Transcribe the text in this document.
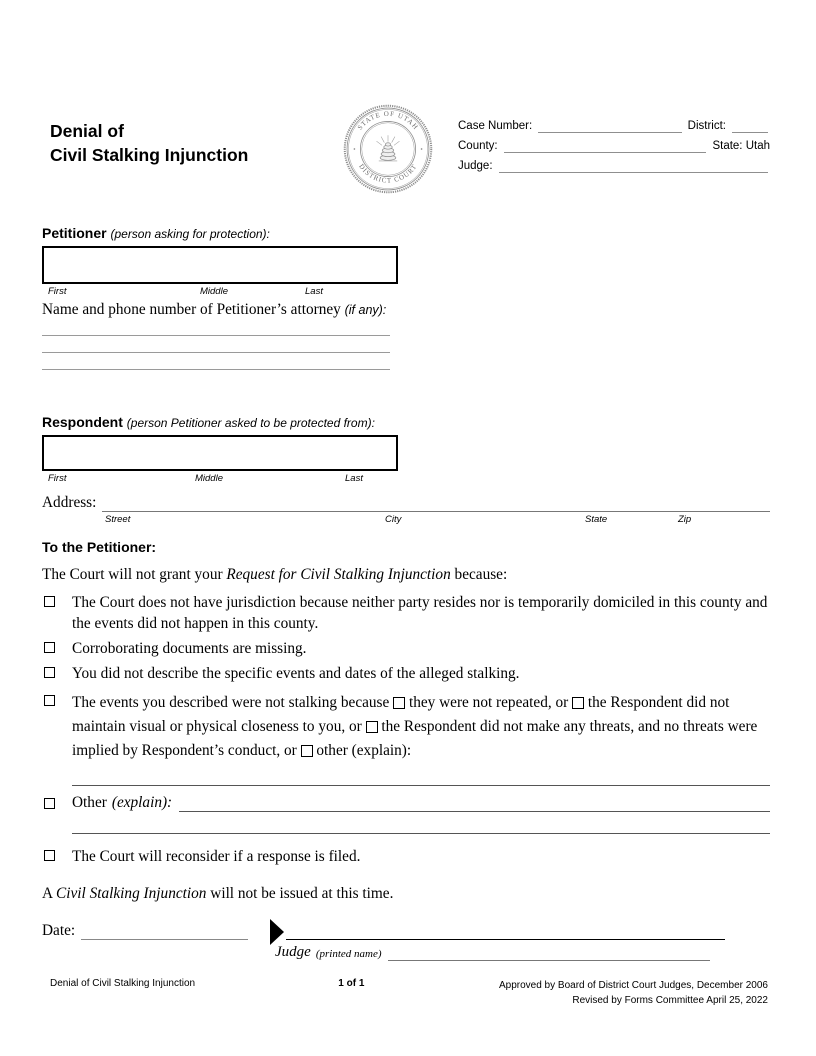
Denial of
Civil Stalking Injunction
STATE OF UTAH
DISTRICT COURT
Case Number:	District:
County:	State: Utah
Judge:
Petitioner (person asking for protection):
First	Middle	Last

Name and phone number of Petitioner’s attorney (if any):

Respondent (person Petitioner asked to be protected from):
First	Middle	Last
Address:
Street	City	State	Zip
To the Petitioner:

The Court will not grant your Request for Civil Stalking Injunction because:

The Court does not have jurisdiction because neither party resides nor is temporarily domiciled in this county and the events did not happen in this county.
Corroborating documents are missing.
You did not describe the specific events and dates of the alleged stalking.
The events you described were not stalking because they were not repeated, or the Respondent did not maintain visual or physical closeness to you, or the Respondent did not make any threats, and no threats were implied by Respondent’s conduct, or other (explain):
Other (explain):
The Court will reconsider if a response is filed.

A Civil Stalking Injunction will not be issued at this time.

Date:
Judge (printed name)
Denial of Civil Stalking Injunction	1 of 1	Approved by Board of District Court Judges, December 2006
Revised by Forms Committee April 25, 2022
